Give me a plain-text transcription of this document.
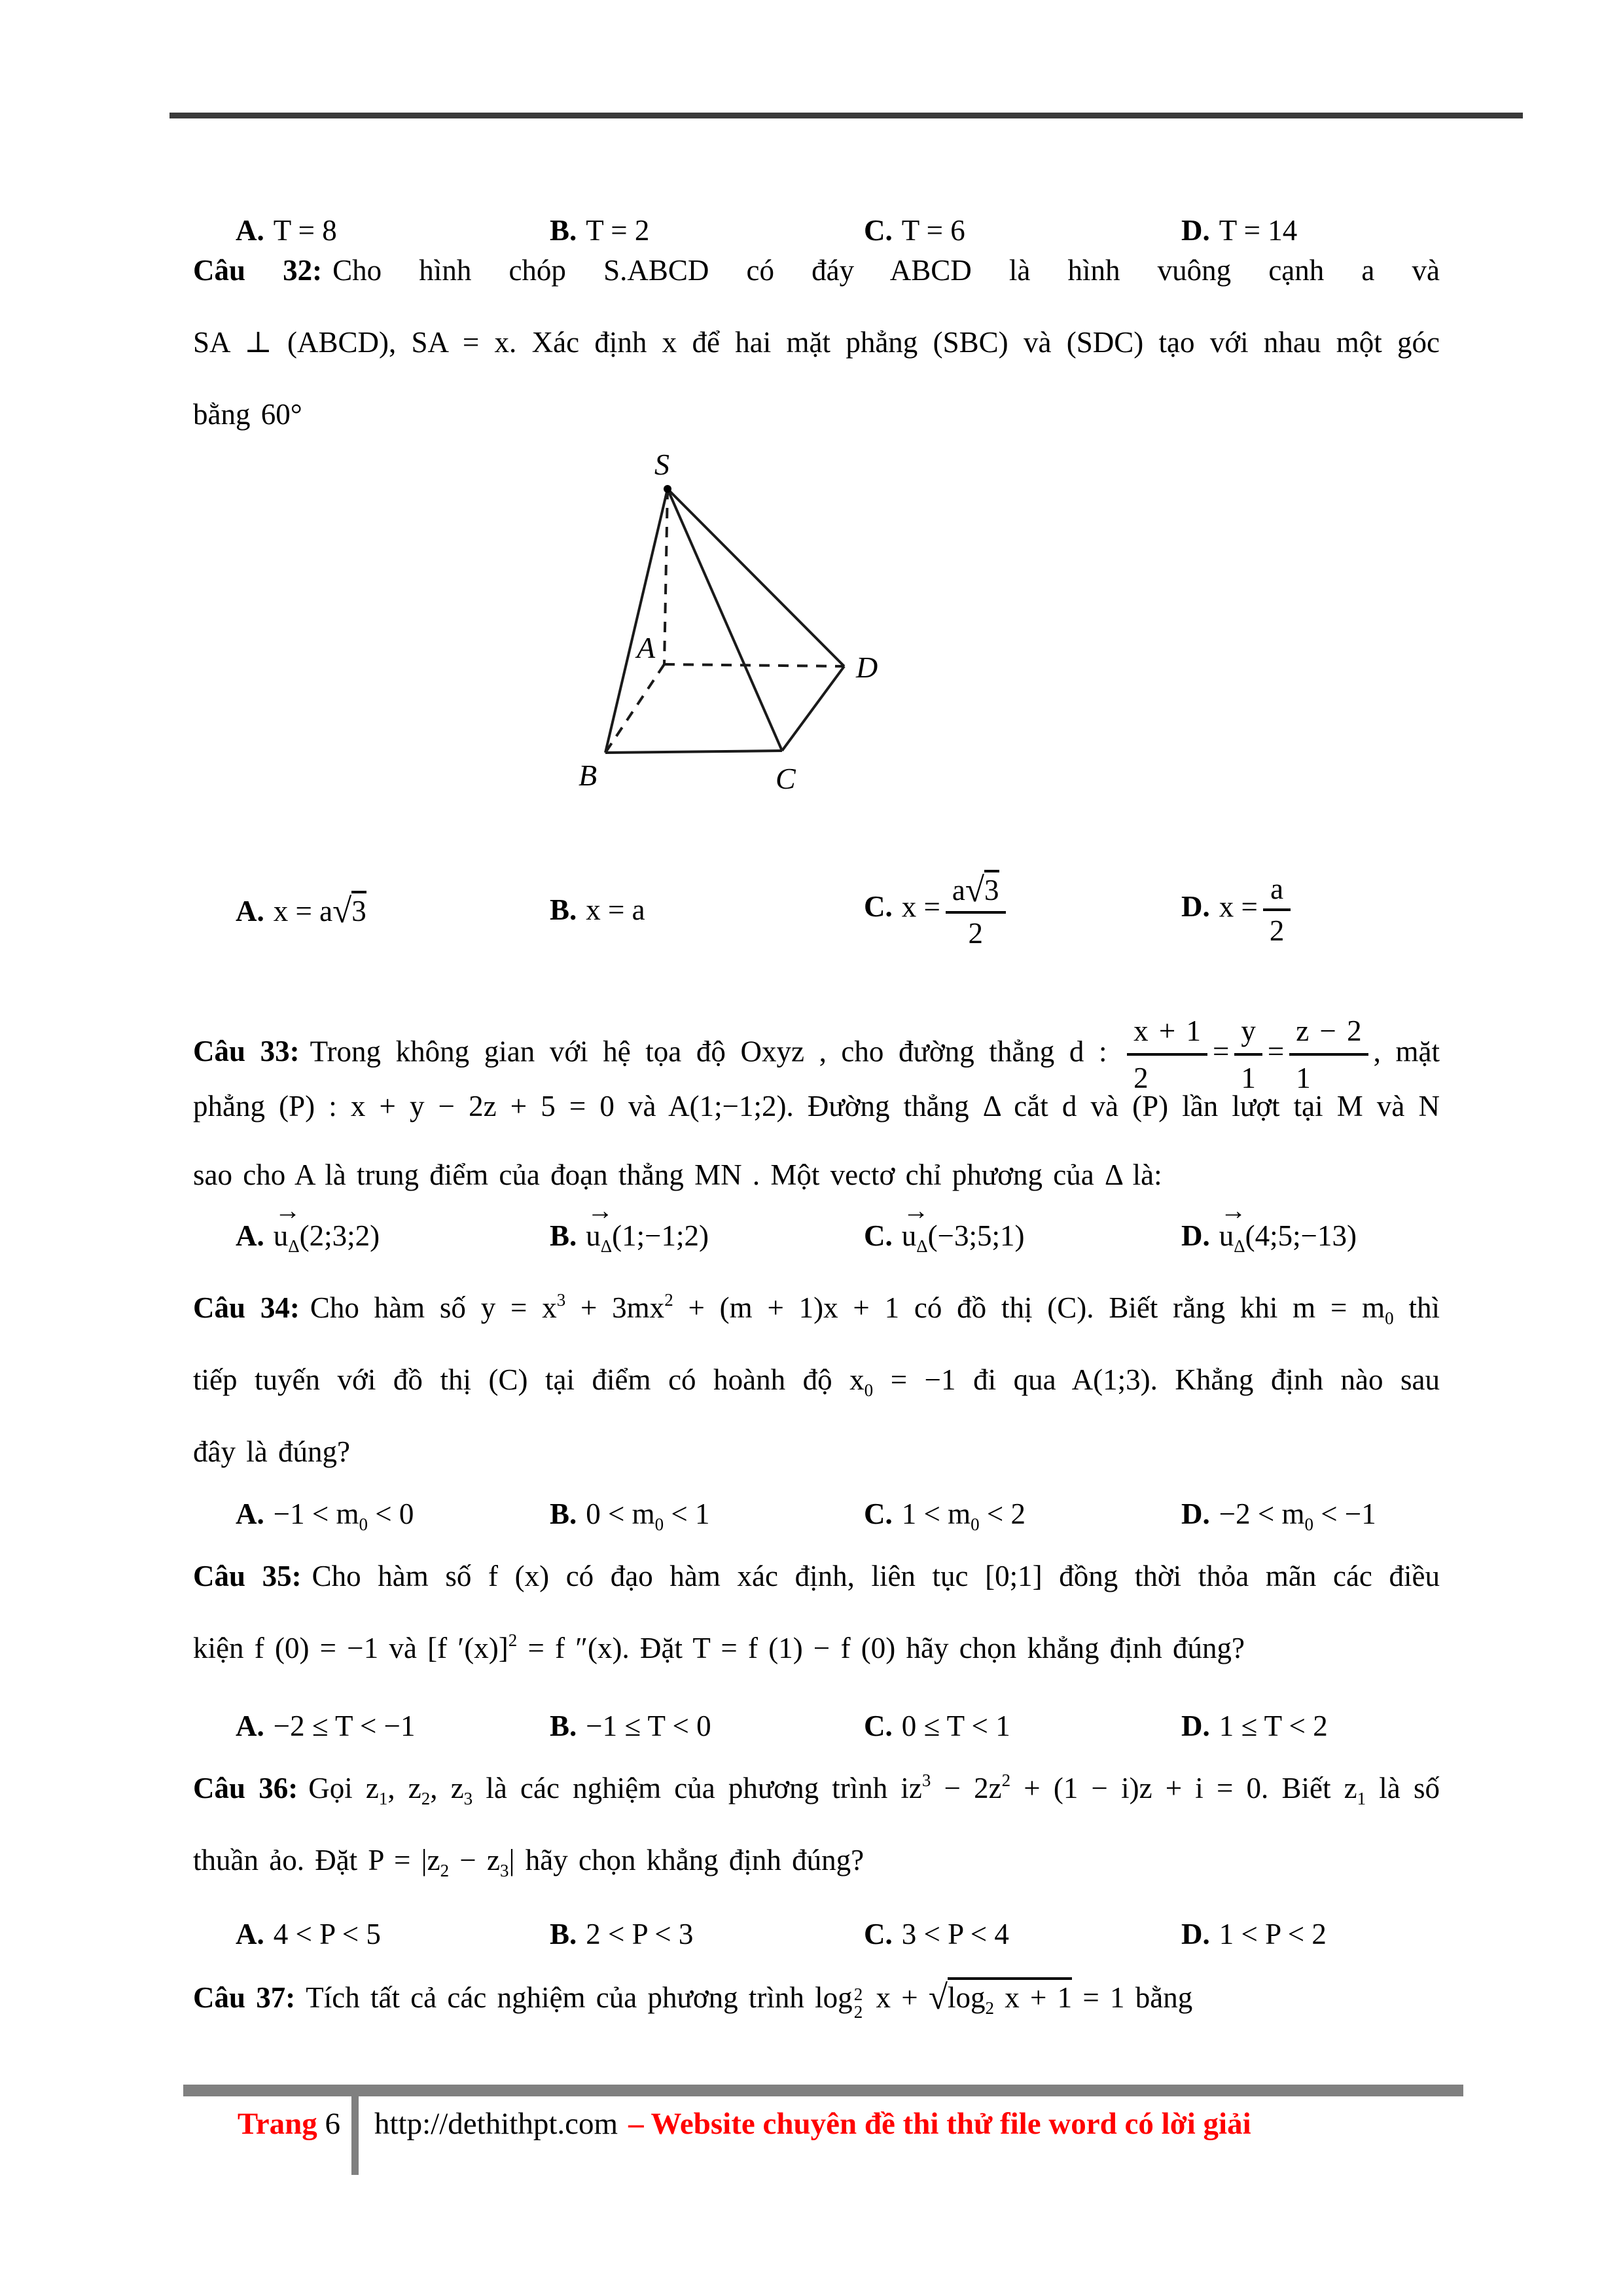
A. T = 8	B. T = 2	C. T = 6	D. T = 14
Câu 32: Cho hình chóp S.ABCD có đáy ABCD là hình vuông cạnh a và
SA ⊥ (ABCD), SA = x. Xác định x để hai mặt phẳng (SBC) và (SDC) tạo với nhau một góc
bằng 60°
S
A
B	C
D
A. x = a√3	B. x = a	C. $x = \frac{a√3}{2}$	D. $x = \frac{a}{2}$
Câu 33: Trong không gian với hệ tọa độ Oxyz , cho đường thẳng d : $\frac{x + 1}{2} = \frac{y}{1} = \frac{z - 2}{1}$ , mặt
phẳng (P) : x + y − 2z + 5 = 0 và A(1;−1;2). Đường thẳng Δ cắt d và (P) lần lượt tại M và N
sao cho A là trung điểm của đoạn thẳng MN . Một vectơ chỉ phương của Δ là:
A.
→
$u_\Delta(2;3;2)$	B.
→
$u_\Delta(1;-1;2)$	C.
→
$u_\Delta(-3;5;1)$	D.
→
$u_\Delta(4;5;-13)$
Câu 34: Cho hàm số $y = x^3 + 3mx^2 + (m + 1)x + 1$ có đồ thị (C). Biết rằng khi $m = m_0$ thì
tiếp tuyến với đồ thị (C) tại điểm có hoành độ $x_0 = -1$ đi qua A(1;3). Khẳng định nào sau
đây là đúng?
A. $-1 < m_0 < 0$	B. $0 < m_0 < 1$	C. $1 < m_0 < 2$	D. $-2 < m_0 < -1$
Câu 35: Cho hàm số f (x) có đạo hàm xác định, liên tục [0;1] đồng thời thỏa mãn các điều
kiện f (0) = −1 và [f ′(x)]$^2$ = f ″(x). Đặt T = f (1) − f (0) hãy chọn khẳng định đúng?
A. −2 ≤ T < −1	B. −1 ≤ T < 0	C. 0 ≤ T < 1	D. 1 ≤ T < 2
Câu 36: Gọi $z_1$, $z_2$, $z_3$ là các nghiệm của phương trình $iz^3 - 2z^2 + (1 - i)z + i = 0$. Biết $z_1$ là số
thuần ảo. Đặt $P = |z_2 - z_3|$ hãy chọn khẳng định đúng?
A. 4 < P < 5	B. 2 < P < 3	C. 3 < P < 4	D. 1 < P < 2
Câu 37: Tích tất cả các nghiệm của phương trình log 2
2 $x + √\log_2$ x + 1 = 1 bằng
Trang 6 http://dethithpt.com – Website chuyên đề thi thử file word có lời giải
